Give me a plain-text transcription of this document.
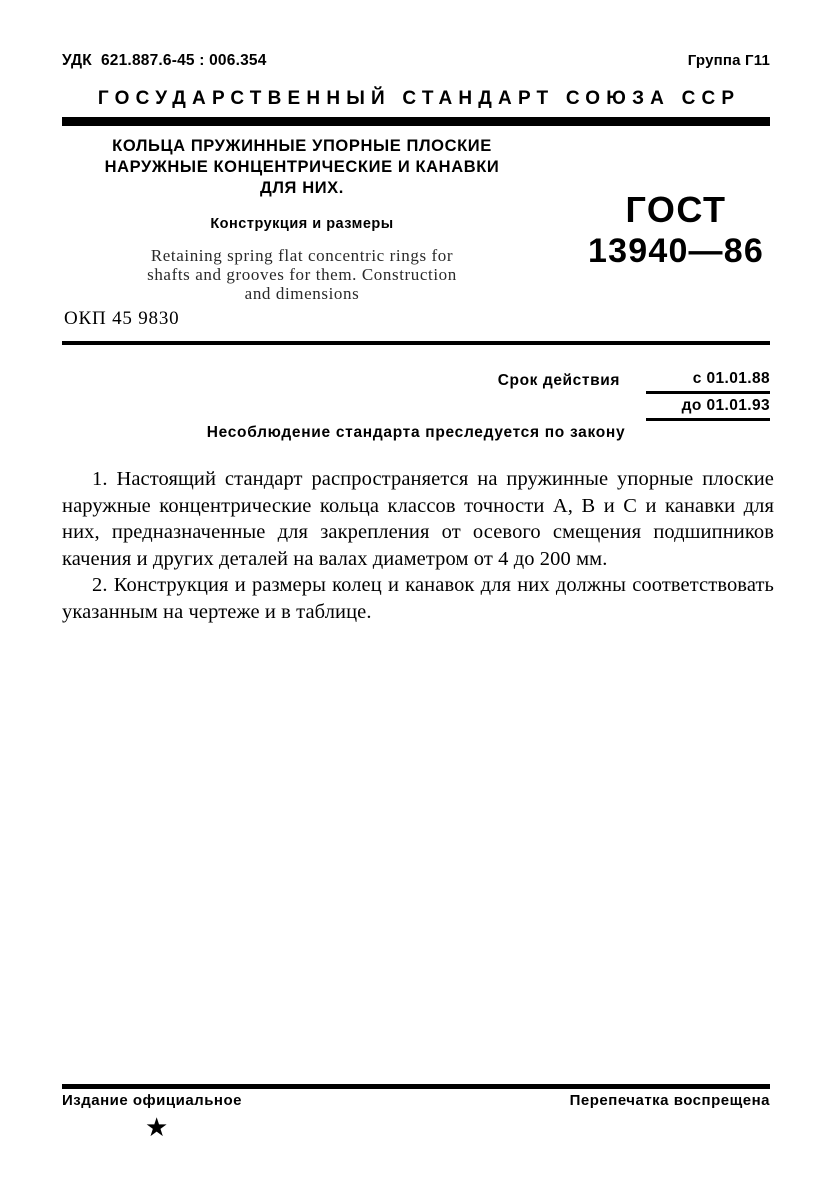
УДК  621.887.6-45 : 006.354	Группа Г11
ГОСУДАРСТВЕННЫЙ СТАНДАРТ СОЮЗА ССР
КОЛЬЦА ПРУЖИННЫЕ УПОРНЫЕ ПЛОСКИЕ
НАРУЖНЫЕ КОНЦЕНТРИЧЕСКИЕ И КАНАВКИ
ДЛЯ НИХ.
Конструкция и размеры
Retaining spring flat concentric rings for
shafts and grooves for them. Construction
and dimensions
ГОСТ
13940—86
ОКП 45 9830
Срок действия	с 01.01.88
до 01.01.93
Несоблюдение стандарта преследуется по закону

1. Настоящий стандарт распространяется на пружинные упорные плоские наружные концентрические кольца классов точности А, В и С и канавки для них, предназначенные для закрепления от осевого смещения подшипников качения и других деталей на валах диаметром от 4 до 200 мм.

2. Конструкция и размеры колец и канавок для них должны соответствовать указанным на чертеже и в таблице.

Издание официальное	Перепечатка воспрещена
★
